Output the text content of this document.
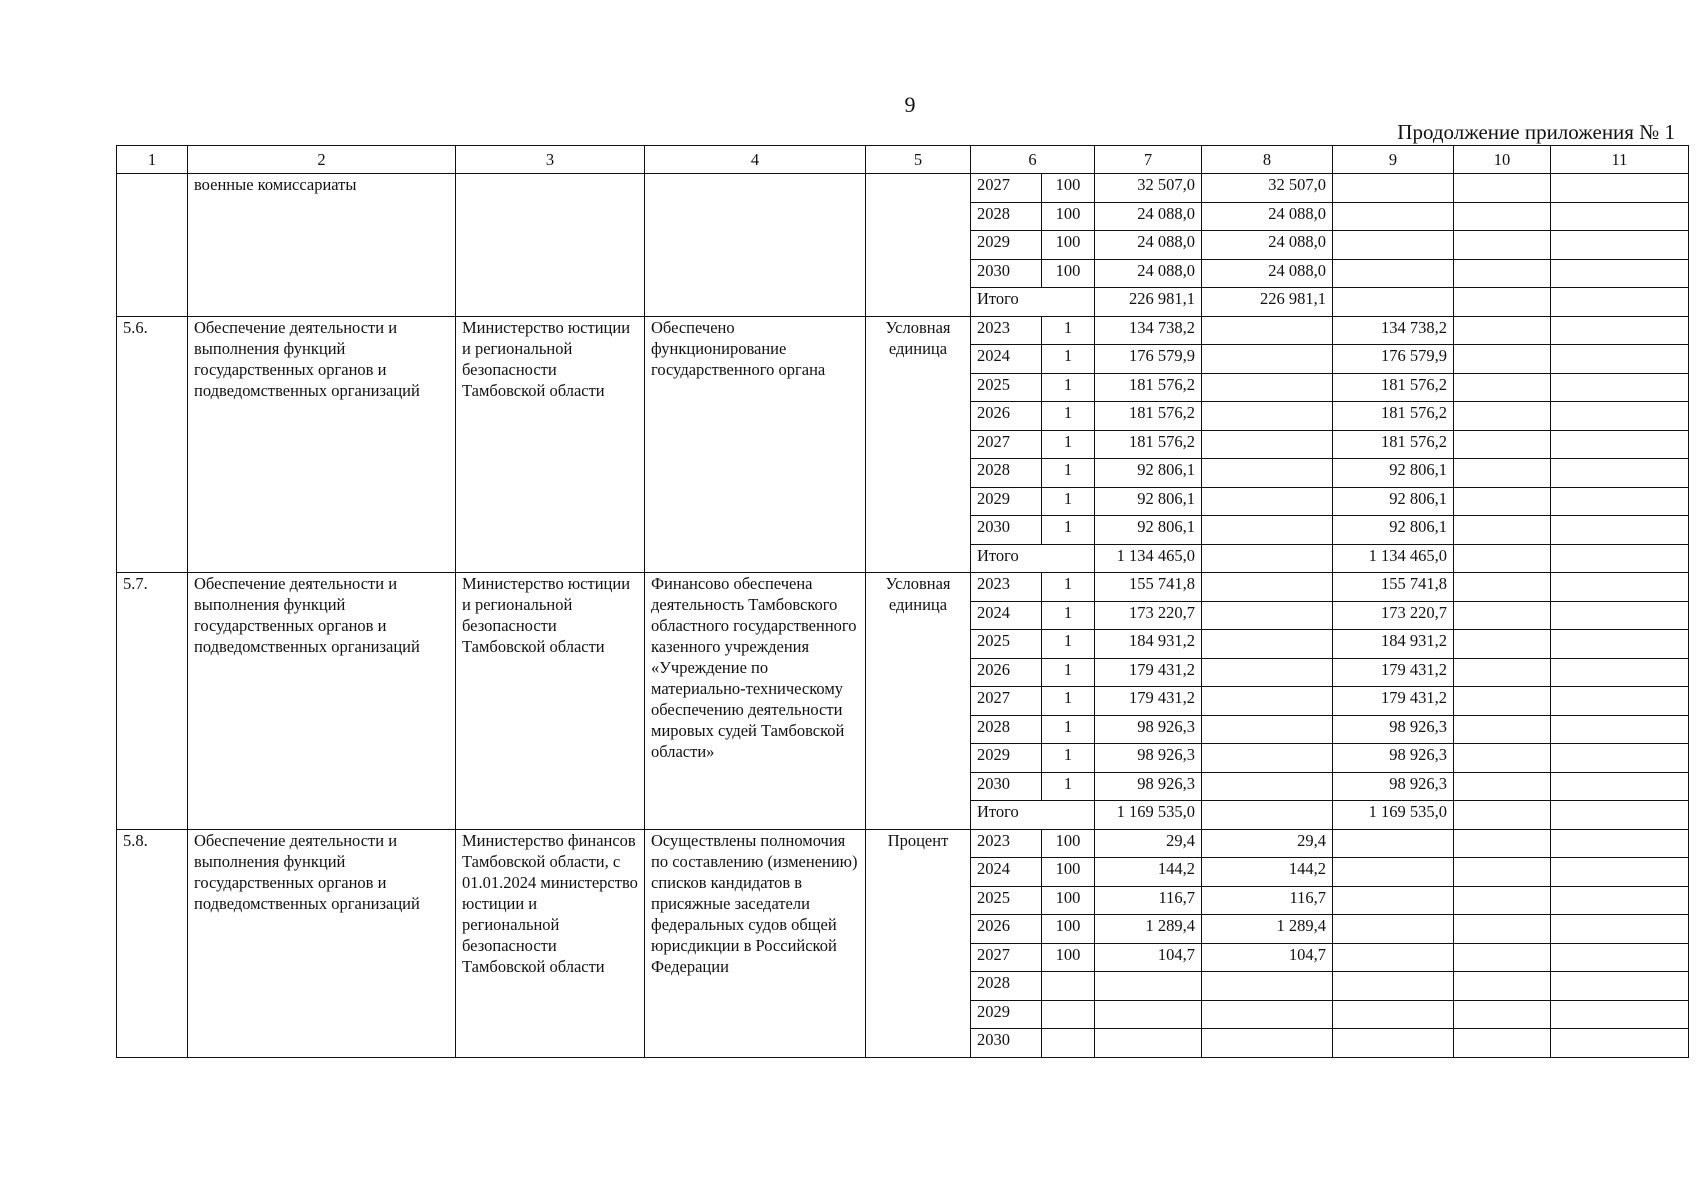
9
Продолжение приложения № 1
1	2	3	4	5	6		7	8	9	10	11
	военные комиссариаты				2027	100	32 507,0	32 507,0			
					2028	100	24 088,0	24 088,0			
					2029	100	24 088,0	24 088,0			
					2030	100	24 088,0	24 088,0			
					Итого		226 981,1	226 981,1			
5.6.	Обеспечение деятельности и выполнения функций государственных органов и подведомственных организаций	Министерство юстиции и региональной безопасности Тамбовской области	Обеспечено функционирование государственного органа	Условная единица	2023	1	134 738,2		134 738,2		
					2024	1	176 579,9		176 579,9		
					2025	1	181 576,2		181 576,2		
					2026	1	181 576,2		181 576,2		
					2027	1	181 576,2		181 576,2		
					2028	1	92 806,1		92 806,1		
					2029	1	92 806,1		92 806,1		
					2030	1	92 806,1		92 806,1		
					Итого		1 134 465,0		1 134 465,0		
5.7.	Обеспечение деятельности и выполнения функций государственных органов и подведомственных организаций	Министерство юстиции и региональной безопасности Тамбовской области	Финансово обеспечена деятельность Тамбовского областного государственного казенного учреждения «Учреждение по материально-техническому обеспечению деятельности мировых судей Тамбовской области»	Условная единица	2023	1	155 741,8		155 741,8		
					2024	1	173 220,7		173 220,7		
					2025	1	184 931,2		184 931,2		
					2026	1	179 431,2		179 431,2		
					2027	1	179 431,2		179 431,2		
					2028	1	98 926,3		98 926,3		
					2029	1	98 926,3		98 926,3		
					2030	1	98 926,3		98 926,3		
					Итого		1 169 535,0		1 169 535,0		
5.8.	Обеспечение деятельности и выполнения функций государственных органов и подведомственных организаций	Министерство финансов Тамбовской области, с 01.01.2024 министерство юстиции и региональной безопасности Тамбовской области	Осуществлены полномочия по составлению (изменению) списков кандидатов в присяжные заседатели федеральных судов общей юрисдикции в Российской Федерации	Процент	2023	100	29,4	29,4			
					2024	100	144,2	144,2			
					2025	100	116,7	116,7			
					2026	100	1 289,4	1 289,4			
					2027	100	104,7	104,7			
					2028						
					2029						
					2030						
